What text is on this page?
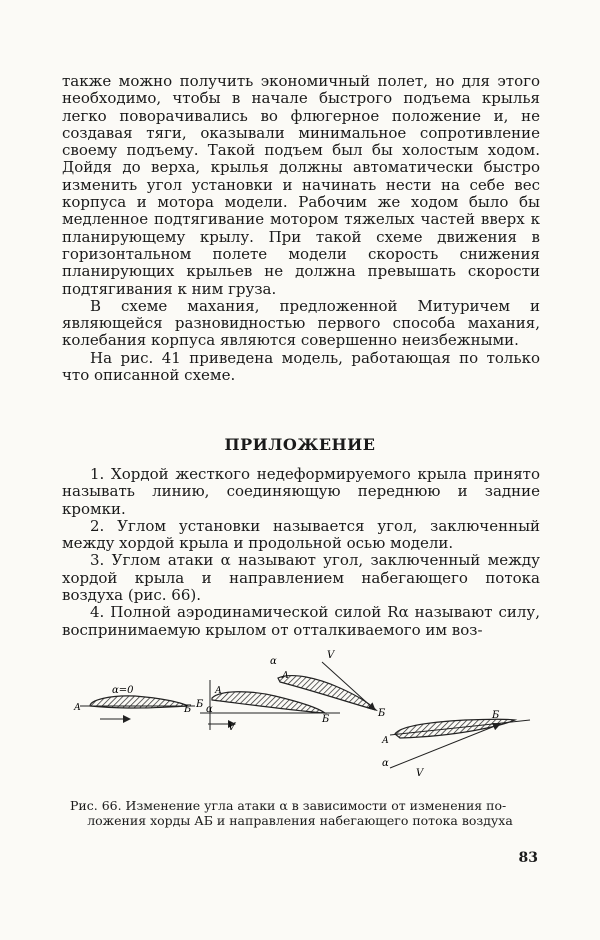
также можно получить экономичный полет, но для этого необходимо, чтобы в начале быстрого подъема крылья легко поворачивались во флюгерное положение и, не создавая тяги, оказывали минимальное сопротивление своему подъему. Такой подъем был бы холостым ходом. Дойдя до верха, крылья должны автоматически быстро изменить угол установки и начинать нести на себе вес корпуса и мотора модели. Рабочим же ходом было бы медленное подтягивание мотором тяжелых частей вверх к планирующему крылу. При такой схеме движения в горизонтальном полете модели скорость снижения планирующих крыльев не должна превышать скорости подтягивания к ним груза.

В схеме махания, предложенной Митуричем и являющейся разновидностью первого способа махания, колебания корпуса являются совершенно неизбежными.

На рис. 41 приведена модель, работающая по только что описанной схеме.

ПРИЛОЖЕНИЕ

1. Хордой жесткого недеформируемого крыла принято называть линию, соединяющую переднюю и задние кромки.

2. Углом установки называется угол, заключенный между хордой крыла и продольной осью модели.

3. Углом атаки α называют угол, заключенный между хордой крыла и направлением набегающего потока воздуха (рис. 66).

4. Полной аэродинамической силой Rα называют силу, воспринимаемую крылом от отталкиваемого им воз-

А
α=0
Б
А
α
V
Б
Б
α
А
V
Б
А
α
V
Б
Рис. 66. Изменение угла атаки α в зависимости от изменения по-
ложения хорды АБ и направления набегающего потока воздуха
83
